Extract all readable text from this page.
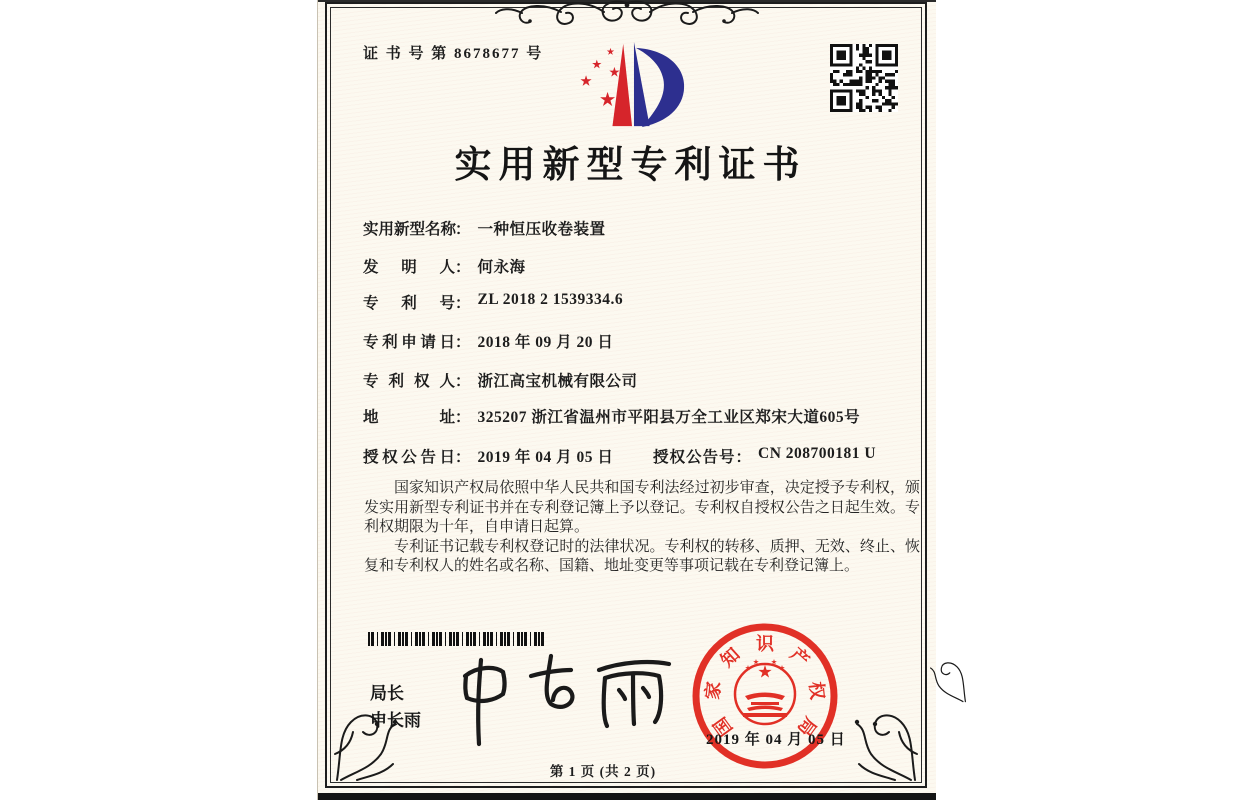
证 书 号 第 8678677 号
实用新型专利证书
实用新型名称： 一种恒压收卷装置
发明人： 何永海
专利号： ZL 2018 2 1539334.6
专利申请日： 2018 年 09 月 20 日
专利权人： 浙江高宝机械有限公司
地址： 325207 浙江省温州市平阳县万全工业区郑宋大道605号
授权公告日： 2019 年 04 月 05 日	授权公告号： CN 208700181 U

国家知识产权局依照中华人民共和国专利法经过初步审查，决定授予专利权，颁发实用新型专利证书并在专利登记簿上予以登记。专利权自授权公告之日起生效。专利权期限为十年，自申请日起算。

专利证书记载专利权登记时的法律状况。专利权的转移、质押、无效、终止、恢复和专利权人的姓名或名称、国籍、地址变更等事项记载在专利登记簿上。

局长
申长雨	国
家
知 识 产
权
局
2019 年 04 月 05 日
第 1 页 (共 2 页)
